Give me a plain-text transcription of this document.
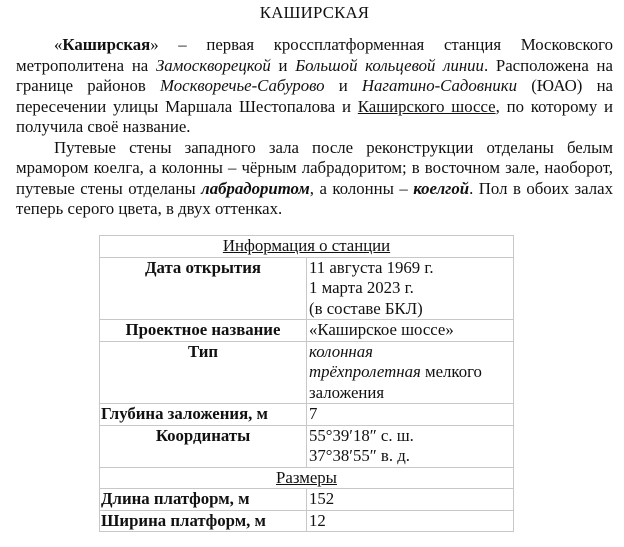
КАШИРСКАЯ

«Каширская» – первая кроссплатформенная станция Московского метрополитена на Замоскворецкой и Большой кольцевой линии. Расположена на границе районов Москворечье-Сабурово и Нагатино-Садовники (ЮАО) на пересечении улицы Маршала Шестопалова и Каширского шоссе, по которому и получила своё название.

Путевые стены западного зала после реконструкции отделаны белым мрамором коелга, а колонны – чёрным лабрадоритом; в восточном зале, наоборот, путевые стены отделаны лабрадоритом, а колонны – коелгой. Пол в обоих залах теперь серого цвета, в двух оттенках.

Информация о станции	
Дата открытия	11 августа 1969 г.
1 марта 2023 г.
(в составе БКЛ)

Проектное название	«Каширское шоссе»
Тип	колонная
трёхпролетная мелкого
заложения

Глубина заложения, м	7
Координаты	55°39′18″ с. ш.
37°38′55″ в. д.

Размеры	
Длина платформ, м	152
Ширина платформ, м	12
